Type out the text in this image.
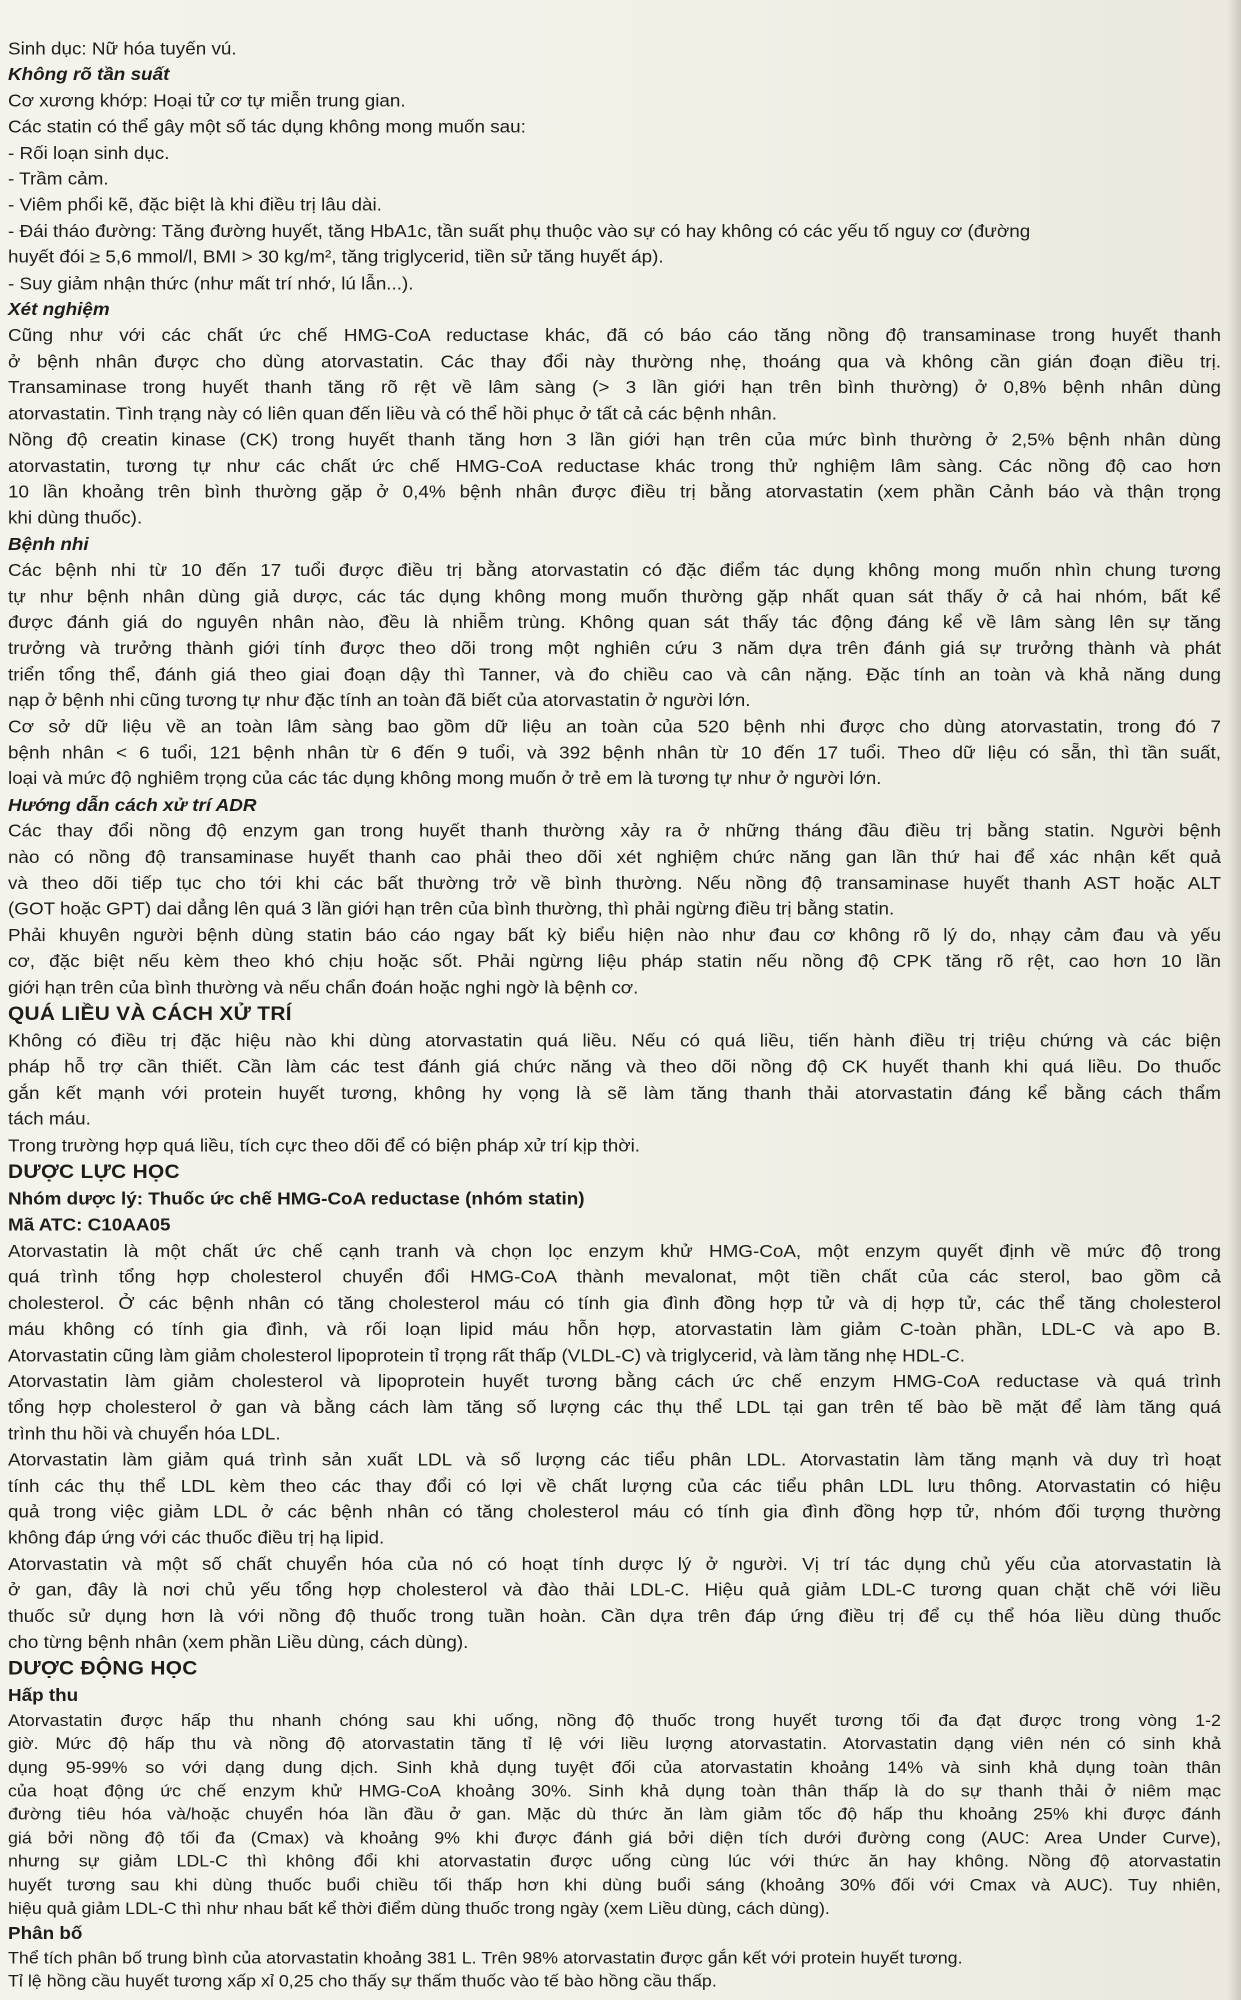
Sinh dục: Nữ hóa tuyến vú.
Không rõ tần suất
Cơ xương khớp: Hoại tử cơ tự miễn trung gian.
Các statin có thể gây một số tác dụng không mong muốn sau:
- Rối loạn sinh dục.
- Trầm cảm.
- Viêm phổi kẽ, đặc biệt là khi điều trị lâu dài.
- Đái tháo đường: Tăng đường huyết, tăng HbA1c, tần suất phụ thuộc vào sự có hay không có các yếu tố nguy cơ (đường
huyết đói ≥ 5,6 mmol/l, BMI > 30 kg/m², tăng triglycerid, tiền sử tăng huyết áp).
- Suy giảm nhận thức (như mất trí nhớ, lú lẫn...).
Xét nghiệm
Cũng như với các chất ức chế HMG-CoA reductase khác, đã có báo cáo tăng nồng độ transaminase trong huyết thanh
ở bệnh nhân được cho dùng atorvastatin. Các thay đổi này thường nhẹ, thoáng qua và không cần gián đoạn điều trị.
Transaminase trong huyết thanh tăng rõ rệt về lâm sàng (> 3 lần giới hạn trên bình thường) ở 0,8% bệnh nhân dùng
atorvastatin. Tình trạng này có liên quan đến liều và có thể hồi phục ở tất cả các bệnh nhân.
Nồng độ creatin kinase (CK) trong huyết thanh tăng hơn 3 lần giới hạn trên của mức bình thường ở 2,5% bệnh nhân dùng
atorvastatin, tương tự như các chất ức chế HMG-CoA reductase khác trong thử nghiệm lâm sàng. Các nồng độ cao hơn
10 lần khoảng trên bình thường gặp ở 0,4% bệnh nhân được điều trị bằng atorvastatin (xem phần Cảnh báo và thận trọng
khi dùng thuốc).
Bệnh nhi
Các bệnh nhi từ 10 đến 17 tuổi được điều trị bằng atorvastatin có đặc điểm tác dụng không mong muốn nhìn chung tương
tự như bệnh nhân dùng giả dược, các tác dụng không mong muốn thường gặp nhất quan sát thấy ở cả hai nhóm, bất kể
được đánh giá do nguyên nhân nào, đều là nhiễm trùng. Không quan sát thấy tác động đáng kể về lâm sàng lên sự tăng
trưởng và trưởng thành giới tính được theo dõi trong một nghiên cứu 3 năm dựa trên đánh giá sự trưởng thành và phát
triển tổng thể, đánh giá theo giai đoạn dậy thì Tanner, và đo chiều cao và cân nặng. Đặc tính an toàn và khả năng dung
nạp ở bệnh nhi cũng tương tự như đặc tính an toàn đã biết của atorvastatin ở người lớn.
Cơ sở dữ liệu về an toàn lâm sàng bao gồm dữ liệu an toàn của 520 bệnh nhi được cho dùng atorvastatin, trong đó 7
bệnh nhân < 6 tuổi, 121 bệnh nhân từ 6 đến 9 tuổi, và 392 bệnh nhân từ 10 đến 17 tuổi. Theo dữ liệu có sẵn, thì tần suất,
loại và mức độ nghiêm trọng của các tác dụng không mong muốn ở trẻ em là tương tự như ở người lớn.
Hướng dẫn cách xử trí ADR
Các thay đổi nồng độ enzym gan trong huyết thanh thường xảy ra ở những tháng đầu điều trị bằng statin. Người bệnh
nào có nồng độ transaminase huyết thanh cao phải theo dõi xét nghiệm chức năng gan lần thứ hai để xác nhận kết quả
và theo dõi tiếp tục cho tới khi các bất thường trở về bình thường. Nếu nồng độ transaminase huyết thanh AST hoặc ALT
(GOT hoặc GPT) dai dẳng lên quá 3 lần giới hạn trên của bình thường, thì phải ngừng điều trị bằng statin.
Phải khuyên người bệnh dùng statin báo cáo ngay bất kỳ biểu hiện nào như đau cơ không rõ lý do, nhạy cảm đau và yếu
cơ, đặc biệt nếu kèm theo khó chịu hoặc sốt. Phải ngừng liệu pháp statin nếu nồng độ CPK tăng rõ rệt, cao hơn 10 lần
giới hạn trên của bình thường và nếu chẩn đoán hoặc nghi ngờ là bệnh cơ.
QUÁ LIỀU VÀ CÁCH XỬ TRÍ
Không có điều trị đặc hiệu nào khi dùng atorvastatin quá liều. Nếu có quá liều, tiến hành điều trị triệu chứng và các biện
pháp hỗ trợ cần thiết. Cần làm các test đánh giá chức năng và theo dõi nồng độ CK huyết thanh khi quá liều. Do thuốc
gắn kết mạnh với protein huyết tương, không hy vọng là sẽ làm tăng thanh thải atorvastatin đáng kể bằng cách thẩm
tách máu.
Trong trường hợp quá liều, tích cực theo dõi để có biện pháp xử trí kịp thời.
DƯỢC LỰC HỌC
Nhóm dược lý: Thuốc ức chế HMG-CoA reductase (nhóm statin)
Mã ATC: C10AA05
Atorvastatin là một chất ức chế cạnh tranh và chọn lọc enzym khử HMG-CoA, một enzym quyết định về mức độ trong
quá trình tổng hợp cholesterol chuyển đổi HMG-CoA thành mevalonat, một tiền chất của các sterol, bao gồm cả
cholesterol. Ở các bệnh nhân có tăng cholesterol máu có tính gia đình đồng hợp tử và dị hợp tử, các thể tăng cholesterol
máu không có tính gia đình, và rối loạn lipid máu hỗn hợp, atorvastatin làm giảm C-toàn phần, LDL-C và apo B.
Atorvastatin cũng làm giảm cholesterol lipoprotein tỉ trọng rất thấp (VLDL-C) và triglycerid, và làm tăng nhẹ HDL-C.
Atorvastatin làm giảm cholesterol và lipoprotein huyết tương bằng cách ức chế enzym HMG-CoA reductase và quá trình
tổng hợp cholesterol ở gan và bằng cách làm tăng số lượng các thụ thể LDL tại gan trên tế bào bề mặt để làm tăng quá
trình thu hồi và chuyển hóa LDL.
Atorvastatin làm giảm quá trình sản xuất LDL và số lượng các tiểu phân LDL. Atorvastatin làm tăng mạnh và duy trì hoạt
tính các thụ thể LDL kèm theo các thay đổi có lợi về chất lượng của các tiểu phân LDL lưu thông. Atorvastatin có hiệu
quả trong việc giảm LDL ở các bệnh nhân có tăng cholesterol máu có tính gia đình đồng hợp tử, nhóm đối tượng thường
không đáp ứng với các thuốc điều trị hạ lipid.
Atorvastatin và một số chất chuyển hóa của nó có hoạt tính dược lý ở người. Vị trí tác dụng chủ yếu của atorvastatin là
ở gan, đây là nơi chủ yếu tổng hợp cholesterol và đào thải LDL-C. Hiệu quả giảm LDL-C tương quan chặt chẽ với liều
thuốc sử dụng hơn là với nồng độ thuốc trong tuần hoàn. Cần dựa trên đáp ứng điều trị để cụ thể hóa liều dùng thuốc
cho từng bệnh nhân (xem phần Liều dùng, cách dùng).
DƯỢC ĐỘNG HỌC
Hấp thu
Atorvastatin được hấp thu nhanh chóng sau khi uống, nồng độ thuốc trong huyết tương tối đa đạt được trong vòng 1-2
giờ. Mức độ hấp thu và nồng độ atorvastatin tăng tỉ lệ với liều lượng atorvastatin. Atorvastatin dạng viên nén có sinh khả
dụng 95-99% so với dạng dung dịch. Sinh khả dụng tuyệt đối của atorvastatin khoảng 14% và sinh khả dụng toàn thân
của hoạt động ức chế enzym khử HMG-CoA khoảng 30%. Sinh khả dụng toàn thân thấp là do sự thanh thải ở niêm mạc
đường tiêu hóa và/hoặc chuyển hóa lần đầu ở gan. Mặc dù thức ăn làm giảm tốc độ hấp thu khoảng 25% khi được đánh
giá bởi nồng độ tối đa (Cmax) và khoảng 9% khi được đánh giá bởi diện tích dưới đường cong (AUC: Area Under Curve),
nhưng sự giảm LDL-C thì không đổi khi atorvastatin được uống cùng lúc với thức ăn hay không. Nồng độ atorvastatin
huyết tương sau khi dùng thuốc buổi chiều tối thấp hơn khi dùng buổi sáng (khoảng 30% đối với Cmax và AUC). Tuy nhiên,
hiệu quả giảm LDL-C thì như nhau bất kể thời điểm dùng thuốc trong ngày (xem Liều dùng, cách dùng).
Phân bố
Thể tích phân bố trung bình của atorvastatin khoảng 381 L. Trên 98% atorvastatin được gắn kết với protein huyết tương.
Tỉ lệ hồng cầu huyết tương xấp xỉ 0,25 cho thấy sự thấm thuốc vào tế bào hồng cầu thấp.
